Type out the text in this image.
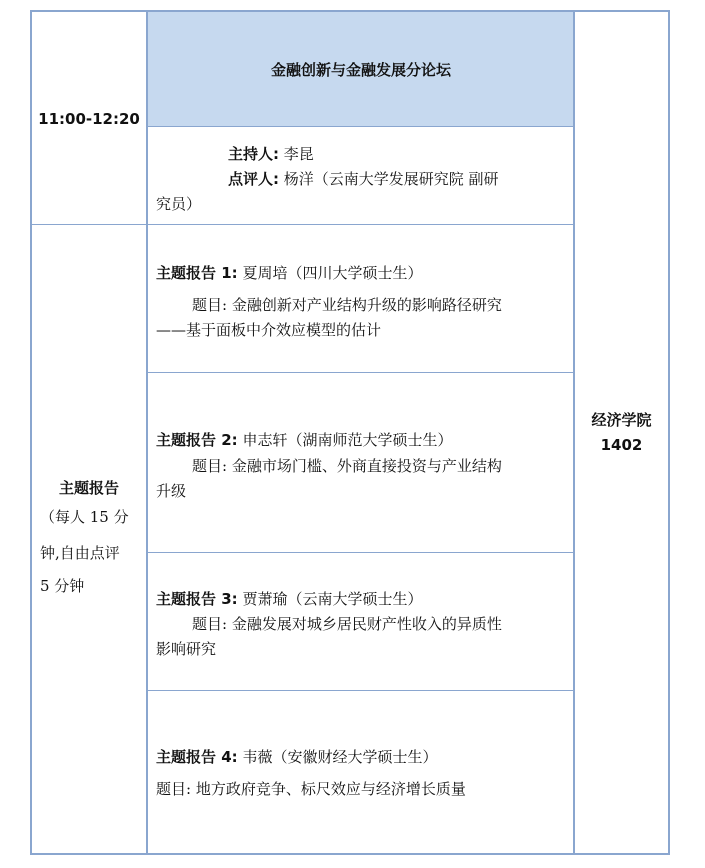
11:00-12:20
金融创新与金融发展分论坛
主持人: 李昆
点评人: 杨洋（云南大学发展研究院 副研
究员）
主题报告
（每人 15 分
钟,自由点评
5 分钟
经济学院
1402
主题报告 1: 夏周培（四川大学硕士生）
题目: 金融创新对产业结构升级的影响路径研究
——基于面板中介效应模型的估计
主题报告 2: 申志轩（湖南师范大学硕士生）
题目: 金融市场门槛、外商直接投资与产业结构
升级
主题报告 3: 贾萧瑜（云南大学硕士生）
题目: 金融发展对城乡居民财产性收入的异质性
影响研究
主题报告 4: 韦薇（安徽财经大学硕士生）
题目: 地方政府竞争、标尺效应与经济增长质量
